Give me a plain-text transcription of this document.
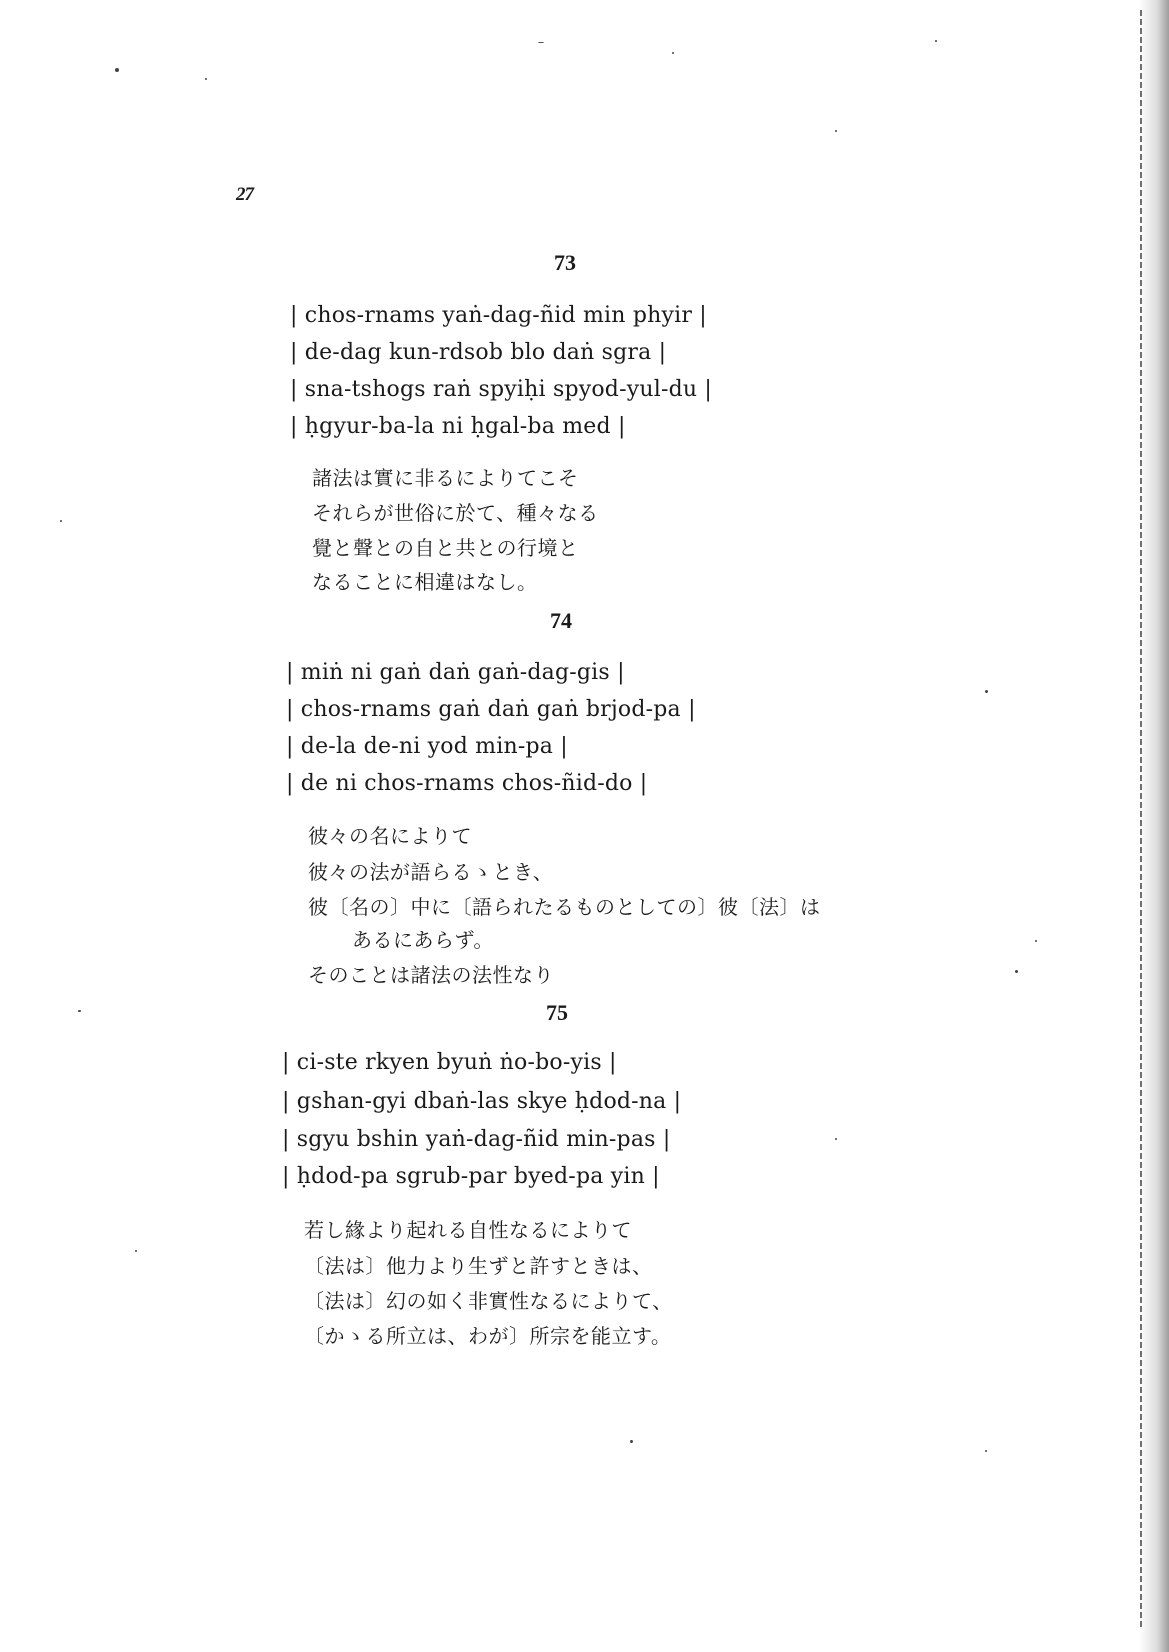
27
73
| chos-rnams yaṅ-dag-ñid min phyir |
| de-dag kun-rdsob blo daṅ sgra |
| sna-tshogs raṅ spyiḥi spyod-yul-du |
| ḥgyur-ba-la ni ḥgal-ba med |
諸法は實に非るによりてこそ
それらが世俗に於て、種々なる
覺と聲との自と共との行境と
なることに相違はなし。
74
| miṅ ni gaṅ daṅ gaṅ-dag-gis |
| chos-rnams gaṅ daṅ gaṅ brjod-pa |
| de-la de-ni yod min-pa |
| de ni chos-rnams chos-ñid-do |
彼々の名によりて
彼々の法が語らるゝとき、
彼〔名の〕中に〔語られたるものとしての〕彼〔法〕は
あるにあらず。
そのことは諸法の法性なり
75
| ci-ste rkyen byuṅ ṅo-bo-yis |
| gshan-gyi dbaṅ-las skye ḥdod-na |
| sgyu bshin yaṅ-dag-ñid min-pas |
| ḥdod-pa sgrub-par byed-pa yin |
若し緣より起れる自性なるによりて
〔法は〕他力より生ずと許すときは、
〔法は〕幻の如く非實性なるによりて、
〔かゝる所立は、わが〕所宗を能立す。
